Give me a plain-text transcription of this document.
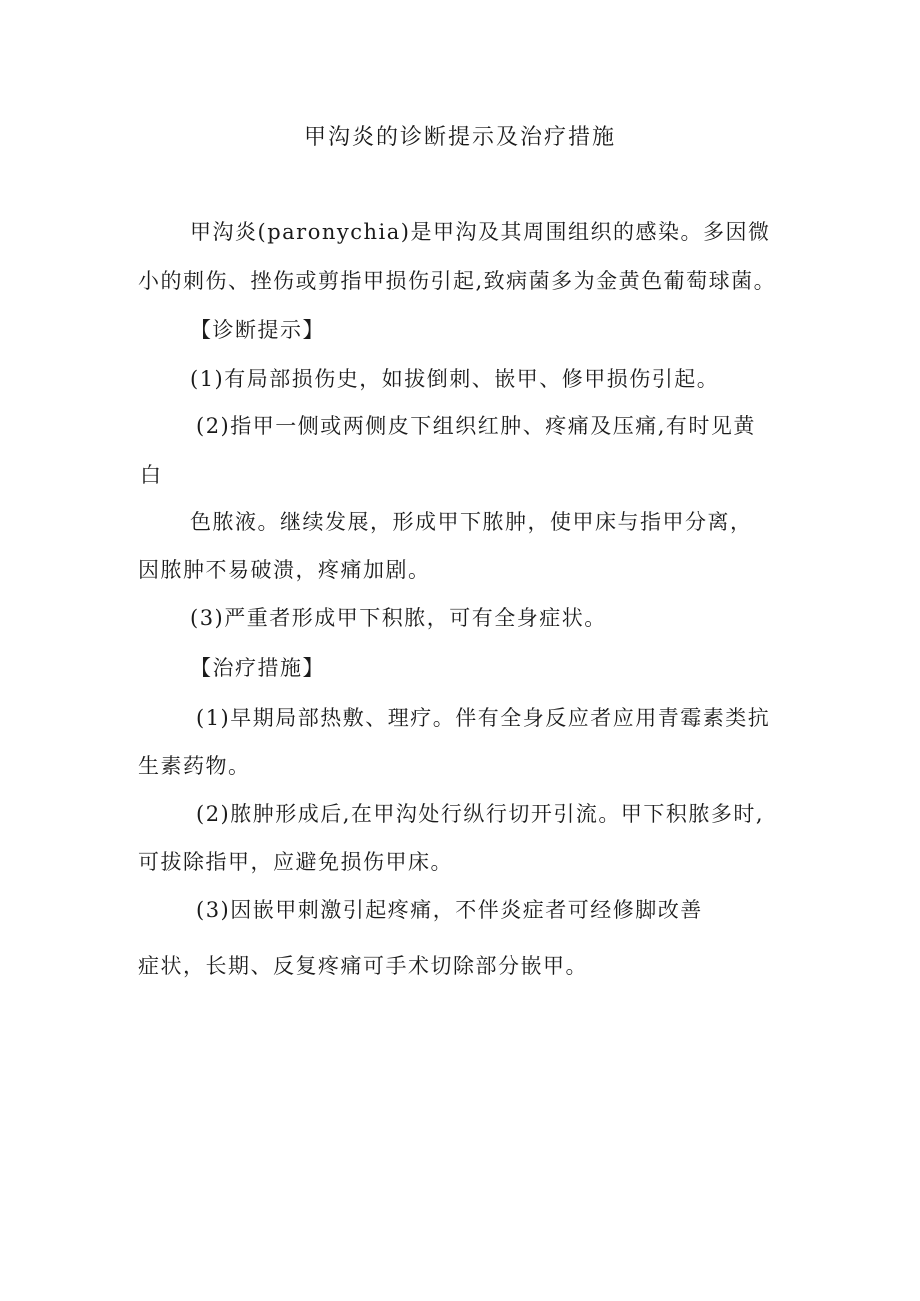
甲沟炎的诊断提示及治疗措施
甲沟炎(paronychia)是甲沟及其周围组织的感染。多因微
小的刺伤、挫伤或剪指甲损伤引起,致病菌多为金黄色葡萄球菌。
【诊断提示】
(1)有局部损伤史，如拔倒刺、嵌甲、修甲损伤引起。
(2)指甲一侧或两侧皮下组织红肿、疼痛及压痛,有时见黄
白
色脓液。继续发展，形成甲下脓肿，使甲床与指甲分离，
因脓肿不易破溃，疼痛加剧。
(3)严重者形成甲下积脓，可有全身症状。
【治疗措施】
(1)早期局部热敷、理疗。伴有全身反应者应用青霉素类抗
生素药物。
(2)脓肿形成后,在甲沟处行纵行切开引流。甲下积脓多时,
可拔除指甲，应避免损伤甲床。
(3)因嵌甲刺激引起疼痛，不伴炎症者可经修脚改善
症状，长期、反复疼痛可手术切除部分嵌甲。
